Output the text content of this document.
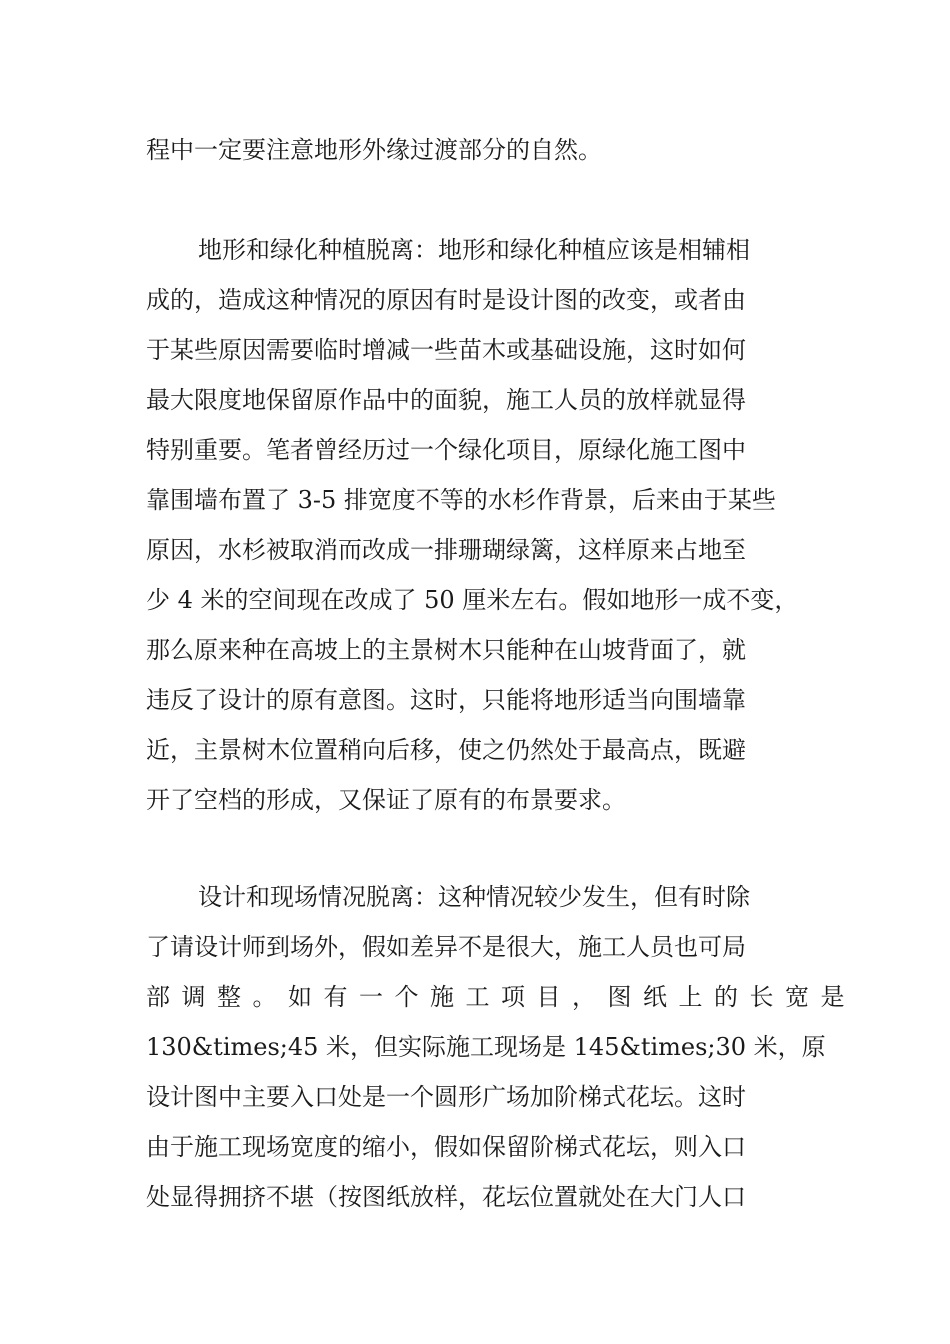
程中一定要注意地形外缘过渡部分的自然。

地形和绿化种植脱离：地形和绿化种植应该是相辅相

成的，造成这种情况的原因有时是设计图的改变，或者由

于某些原因需要临时增减一些苗木或基础设施，这时如何

最大限度地保留原作品中的面貌，施工人员的放样就显得

特别重要。笔者曾经历过一个绿化项目，原绿化施工图中

靠围墙布置了 3-5 排宽度不等的水杉作背景，后来由于某些

原因，水杉被取消而改成一排珊瑚绿篱，这样原来占地至

少 4 米的空间现在改成了 50 厘米左右。假如地形一成不变，

那么原来种在高坡上的主景树木只能种在山坡背面了，就

违反了设计的原有意图。这时，只能将地形适当向围墙靠

近，主景树木位置稍向后移，使之仍然处于最高点，既避

开了空档的形成，又保证了原有的布景要求。

设计和现场情况脱离：这种情况较少发生，但有时除

了请设计师到场外，假如差异不是很大，施工人员也可局

部调整。如有一个施工项目，图纸上的长宽是

130&times;45 米，但实际施工现场是 145&times;30 米，原

设计图中主要入口处是一个圆形广场加阶梯式花坛。这时

由于施工现场宽度的缩小，假如保留阶梯式花坛，则入口

处显得拥挤不堪（按图纸放样，花坛位置就处在大门人口
